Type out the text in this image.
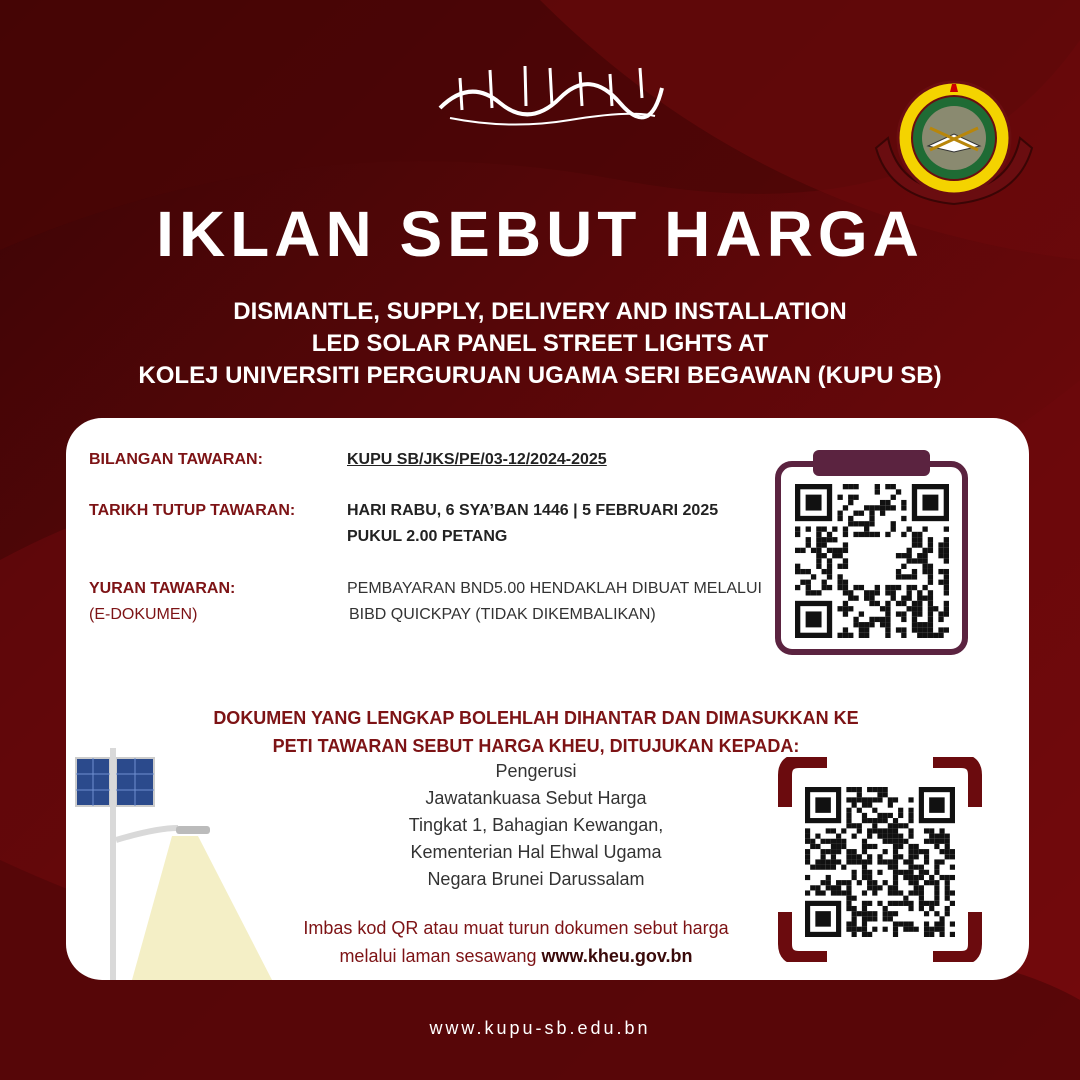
IKLAN SEBUT HARGA
DISMANTLE, SUPPLY, DELIVERY AND INSTALLATION
LED SOLAR PANEL STREET LIGHTS AT
KOLEJ UNIVERSITI PERGURUAN UGAMA SERI BEGAWAN (KUPU SB)
BILANGAN TAWARAN:	KUPU SB/JKS/PE/03-12/2024-2025
TARIKH TUTUP TAWARAN:	HARI RABU, 6 SYA’BAN 1446 | 5 FEBRUARI 2025
PUKUL 2.00 PETANG
YURAN TAWARAN:
(E-DOKUMEN)
PEMBAYARAN BND5.00 HENDAKLAH DIBUAT MELALUI
BIBD QUICKPAY (TIDAK DIKEMBALIKAN)
DOKUMEN YANG LENGKAP BOLEHLAH DIHANTAR DAN DIMASUKKAN KE
PETI TAWARAN SEBUT HARGA KHEU, DITUJUKAN KEPADA:
Pengerusi
Jawatankuasa Sebut Harga
Tingkat 1, Bahagian Kewangan,
Kementerian Hal Ehwal Ugama
Negara Brunei Darussalam
Imbas kod QR atau muat turun dokumen sebut harga
melalui laman sesawang www.kheu.gov.bn
www.kupu-sb.edu.bn
